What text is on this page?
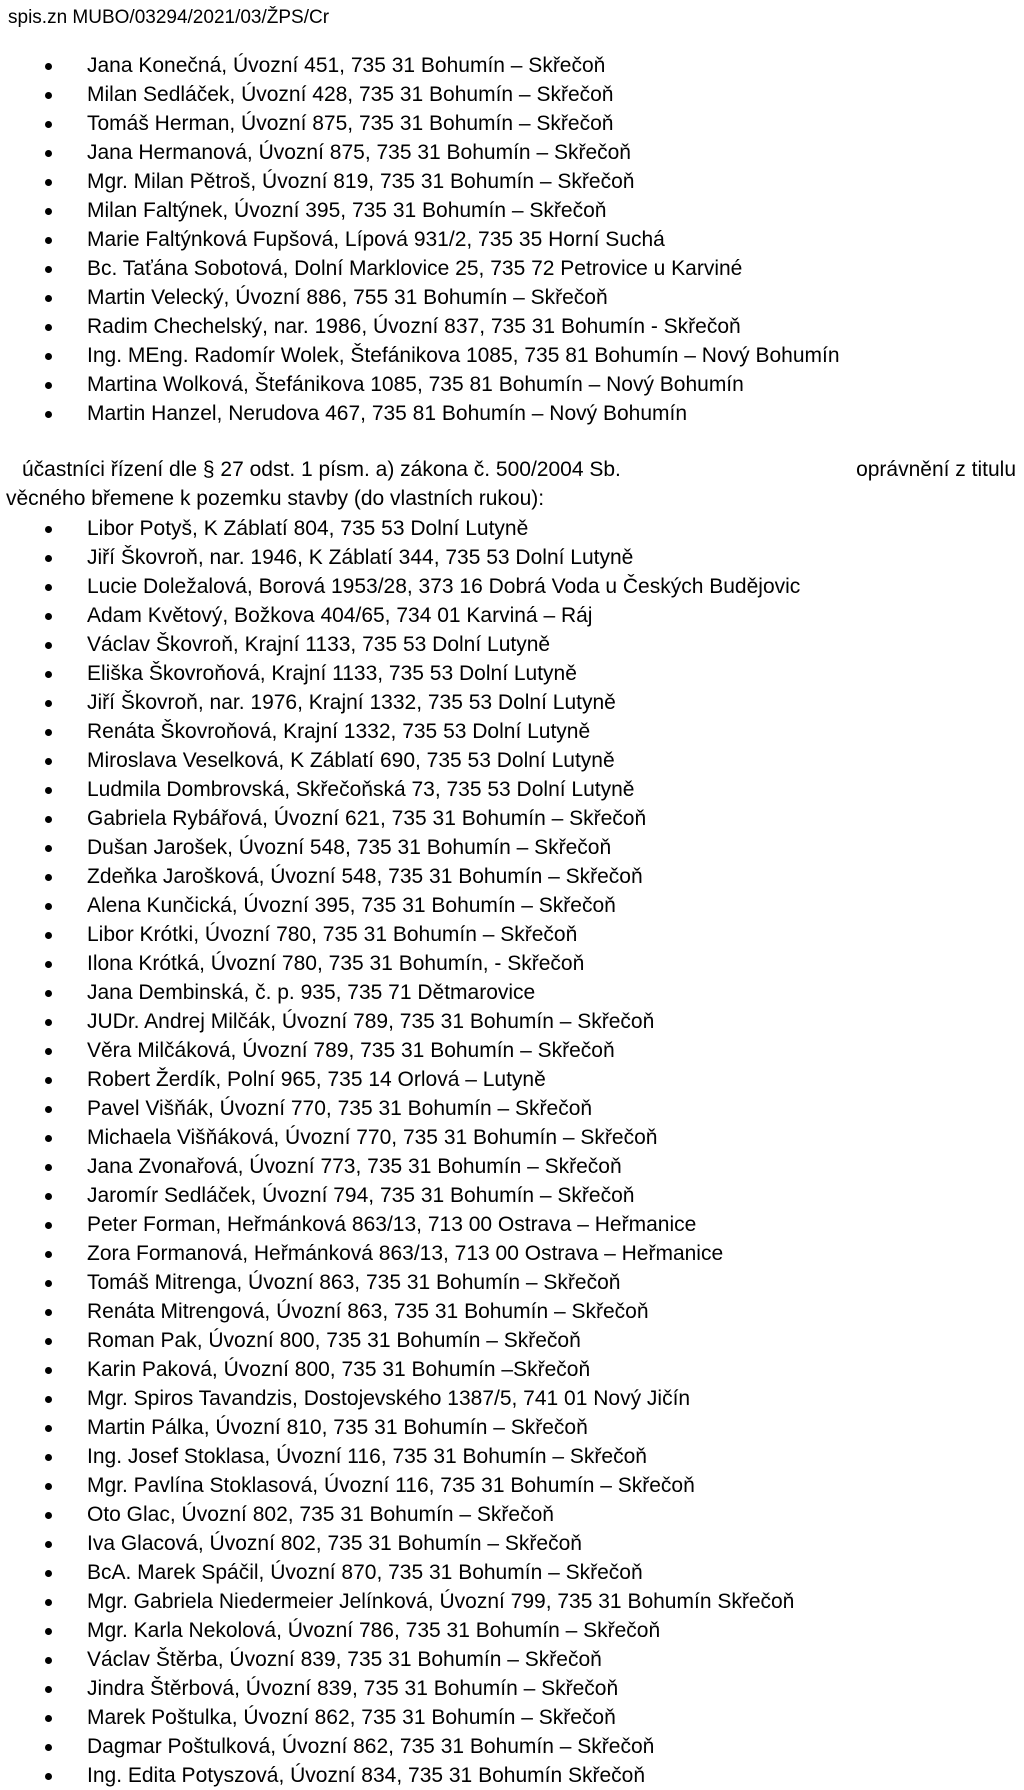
spis.zn MUBO/03294/2021/03/ŽPS/Cr
Jana Konečná, Úvozní 451, 735 31 Bohumín – Skřečoň
Milan Sedláček, Úvozní 428, 735 31 Bohumín – Skřečoň
Tomáš Herman, Úvozní 875, 735 31 Bohumín – Skřečoň
Jana Hermanová, Úvozní 875, 735 31 Bohumín – Skřečoň
Mgr. Milan Pětroš, Úvozní 819, 735 31 Bohumín – Skřečoň
Milan Faltýnek, Úvozní 395, 735 31 Bohumín – Skřečoň
Marie Faltýnková Fupšová, Lípová 931/2, 735 35 Horní Suchá
Bc. Taťána Sobotová, Dolní Marklovice 25, 735 72 Petrovice u Karviné
Martin Velecký, Úvozní 886, 755 31 Bohumín – Skřečoň
Radim Chechelský, nar. 1986, Úvozní 837, 735 31 Bohumín - Skřečoň
Ing. MEng. Radomír Wolek, Štefánikova 1085, 735 81 Bohumín – Nový Bohumín
Martina Wolková, Štefánikova 1085, 735 81 Bohumín – Nový Bohumín
Martin Hanzel, Nerudova 467, 735 81 Bohumín – Nový Bohumín
účastníci řízení dle § 27 odst. 1 písm. a) zákona č. 500/2004 Sb.	oprávnění z titulu
věcného břemene k pozemku stavby (do vlastních rukou):
Libor Potyš, K Záblatí 804, 735 53 Dolní Lutyně
Jiří Škovroň, nar. 1946, K Záblatí 344, 735 53 Dolní Lutyně
Lucie Doležalová, Borová 1953/28, 373 16 Dobrá Voda u Českých Budějovic
Adam Květový, Božkova 404/65, 734 01 Karviná – Ráj
Václav Škovroň, Krajní 1133, 735 53 Dolní Lutyně
Eliška Škovroňová, Krajní 1133, 735 53 Dolní Lutyně
Jiří Škovroň, nar. 1976, Krajní 1332, 735 53 Dolní Lutyně
Renáta Škovroňová, Krajní 1332, 735 53 Dolní Lutyně
Miroslava Veselková, K Záblatí 690, 735 53 Dolní Lutyně
Ludmila Dombrovská, Skřečoňská 73, 735 53 Dolní Lutyně
Gabriela Rybářová, Úvozní 621, 735 31 Bohumín – Skřečoň
Dušan Jarošek, Úvozní 548, 735 31 Bohumín – Skřečoň
Zdeňka Jarošková, Úvozní 548, 735 31 Bohumín – Skřečoň
Alena Kunčická, Úvozní 395, 735 31 Bohumín – Skřečoň
Libor Krótki, Úvozní 780, 735 31 Bohumín – Skřečoň
Ilona Krótká, Úvozní 780, 735 31 Bohumín, - Skřečoň
Jana Dembinská, č. p. 935, 735 71 Dětmarovice
JUDr. Andrej Milčák, Úvozní 789, 735 31 Bohumín – Skřečoň
Věra Milčáková, Úvozní 789, 735 31 Bohumín – Skřečoň
Robert Žerdík, Polní 965, 735 14 Orlová – Lutyně
Pavel Višňák, Úvozní 770, 735 31 Bohumín – Skřečoň
Michaela Višňáková, Úvozní 770, 735 31 Bohumín – Skřečoň
Jana Zvonařová, Úvozní 773, 735 31 Bohumín – Skřečoň
Jaromír Sedláček, Úvozní 794, 735 31 Bohumín – Skřečoň
Peter Forman, Heřmánková 863/13, 713 00 Ostrava – Heřmanice
Zora Formanová, Heřmánková 863/13, 713 00 Ostrava – Heřmanice
Tomáš Mitrenga, Úvozní 863, 735 31 Bohumín – Skřečoň
Renáta Mitrengová, Úvozní 863, 735 31 Bohumín – Skřečoň
Roman Pak, Úvozní 800, 735 31 Bohumín – Skřečoň
Karin Paková, Úvozní 800, 735 31 Bohumín –Skřečoň
Mgr. Spiros Tavandzis, Dostojevského 1387/5, 741 01 Nový Jičín
Martin Pálka, Úvozní 810, 735 31 Bohumín – Skřečoň
Ing. Josef Stoklasa, Úvozní 116, 735 31 Bohumín – Skřečoň
Mgr. Pavlína Stoklasová, Úvozní 116, 735 31 Bohumín – Skřečoň
Oto Glac, Úvozní 802, 735 31 Bohumín – Skřečoň
Iva Glacová, Úvozní 802, 735 31 Bohumín – Skřečoň
BcA. Marek Spáčil, Úvozní 870, 735 31 Bohumín – Skřečoň
Mgr. Gabriela Niedermeier Jelínková, Úvozní 799, 735 31 Bohumín Skřečoň
Mgr. Karla Nekolová, Úvozní 786, 735 31 Bohumín – Skřečoň
Václav Štěrba, Úvozní 839, 735 31 Bohumín – Skřečoň
Jindra Štěrbová, Úvozní 839, 735 31 Bohumín – Skřečoň
Marek Poštulka, Úvozní 862, 735 31 Bohumín – Skřečoň
Dagmar Poštulková, Úvozní 862, 735 31 Bohumín – Skřečoň
Ing. Edita Potyszová, Úvozní 834, 735 31 Bohumín Skřečoň
